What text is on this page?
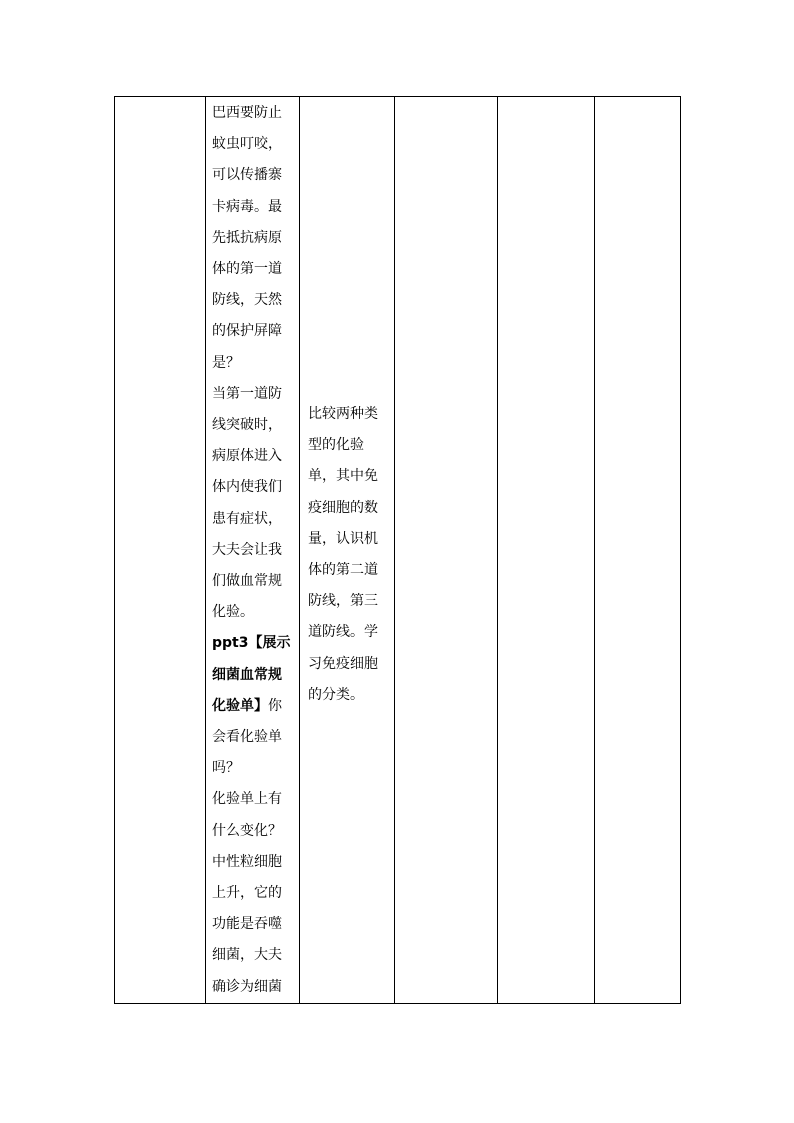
巴西要防止
蚊虫叮咬，
可以传播寨
卡病毒。最
先抵抗病原
体的第一道
防线，天然
的保护屏障
是？
当第一道防
线突破时，
病原体进入
体内使我们
患有症状，
大夫会让我
们做血常规
化验。
ppt3【展示
细菌血常规
化验单】你
会看化验单
吗？
化验单上有
什么变化？
中性粒细胞
上升，它的
功能是吞噬
细菌，大夫
确诊为细菌

比较两种类
型的化验
单，其中免
疫细胞的数
量，认识机
体的第二道
防线，第三
道防线。学
习免疫细胞
的分类。
